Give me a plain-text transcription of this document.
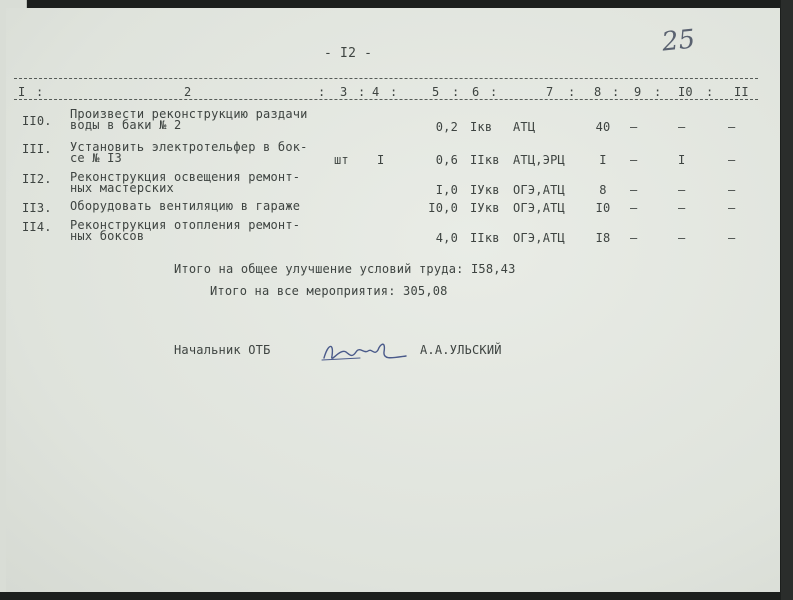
- I2 -	25
I :	2	: 3 : 4 :	5 : 6 :	7 : 8 : 9 : I0 : II
II0. Произвести реконструкцию раздачи
воды в баки № 2	0,2 Iкв АТЦ	40	–	–	–
III. Установить электротельфер в бок-
се № I3	шт I	0,6 IIкв АТЦ,ЭРЦ	I	–	I	–
II2. Реконструкция освещения ремонт-
ных мастерских	I,0 IУкв ОГЭ,АТЦ	8	–	–	–
II3. Оборудовать вентиляцию в гараже	I0,0 IУкв ОГЭ,АТЦ	I0	–	–	–
II4. Реконструкция отопления ремонт-
ных боксов	4,0 IIкв ОГЭ,АТЦ	I8	–	–	–
Итого на общее улучшение условий труда: I58,43
Итого на все мероприятия: 305,08
Начальник ОТБ	А.А.УЛЬСКИЙ
